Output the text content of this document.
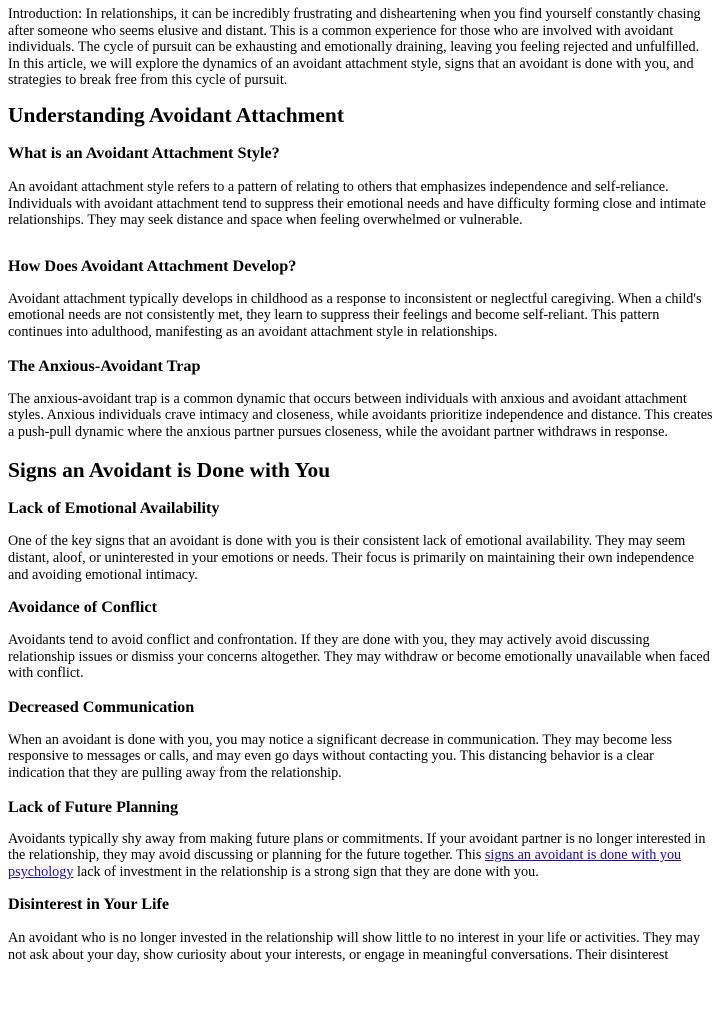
Introduction: In relationships, it can be incredibly frustrating and disheartening when you find yourself constantly chasing after someone who seems elusive and distant. This is a common experience for those who are involved with avoidant individuals. The cycle of pursuit can be exhausting and emotionally draining, leaving you feeling rejected and unfulfilled. In this article, we will explore the dynamics of an avoidant attachment style, signs that an avoidant is done with you, and strategies to break free from this cycle of pursuit.

Understanding Avoidant Attachment
What is an Avoidant Attachment Style?

An avoidant attachment style refers to a pattern of relating to others that emphasizes independence and self-reliance. Individuals with avoidant attachment tend to suppress their emotional needs and have difficulty forming close and intimate relationships. They may seek distance and space when feeling overwhelmed or vulnerable.

How Does Avoidant Attachment Develop?

Avoidant attachment typically develops in childhood as a response to inconsistent or neglectful caregiving. When a child's emotional needs are not consistently met, they learn to suppress their feelings and become self-reliant. This pattern continues into adulthood, manifesting as an avoidant attachment style in relationships.

The Anxious-Avoidant Trap

The anxious-avoidant trap is a common dynamic that occurs between individuals with anxious and avoidant attachment styles. Anxious individuals crave intimacy and closeness, while avoidants prioritize independence and distance. This creates a push-pull dynamic where the anxious partner pursues closeness, while the avoidant partner withdraws in response.

Signs an Avoidant is Done with You
Lack of Emotional Availability

One of the key signs that an avoidant is done with you is their consistent lack of emotional availability. They may seem distant, aloof, or uninterested in your emotions or needs. Their focus is primarily on maintaining their own independence and avoiding emotional intimacy.

Avoidance of Conflict

Avoidants tend to avoid conflict and confrontation. If they are done with you, they may actively avoid discussing relationship issues or dismiss your concerns altogether. They may withdraw or become emotionally unavailable when faced with conflict.

Decreased Communication

When an avoidant is done with you, you may notice a significant decrease in communication. They may become less responsive to messages or calls, and may even go days without contacting you. This distancing behavior is a clear indication that they are pulling away from the relationship.

Lack of Future Planning

Avoidants typically shy away from making future plans or commitments. If your avoidant partner is no longer interested in the relationship, they may avoid discussing or planning for the future together. This signs an avoidant is done with you psychology lack of investment in the relationship is a strong sign that they are done with you.

Disinterest in Your Life

An avoidant who is no longer invested in the relationship will show little to no interest in your life or activities. They may not ask about your day, show curiosity about your interests, or engage in meaningful conversations. Their disinterest
